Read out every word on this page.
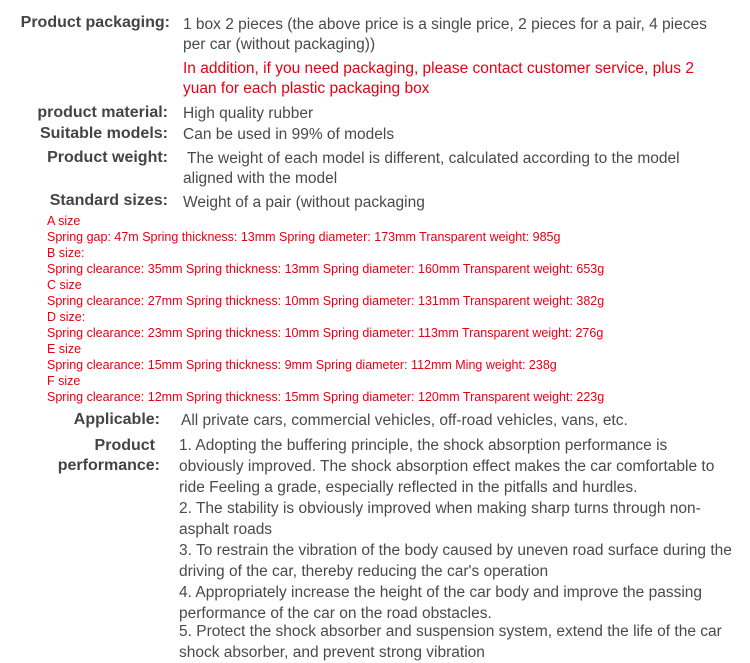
Product packaging: 1 box 2 pieces (the above price is a single price, 2 pieces for a pair, 4 pieces
per car (without packaging))
In addition, if you need packaging, please contact customer service, plus 2
yuan for each plastic packaging box
product material: High quality rubber
Suitable models: Can be used in 99% of models
Product weight: The weight of each model is different, calculated according to the model
aligned with the model
Standard sizes: Weight of a pair (without packaging
A size
Spring gap: 47m Spring thickness: 13mm Spring diameter: 173mm Transparent weight: 985g
B size:
Spring clearance: 35mm Spring thickness: 13mm Spring diameter: 160mm Transparent weight: 653g
C size
Spring clearance: 27mm Spring thickness: 10mm Spring diameter: 131mm Transparent weight: 382g
D size:
Spring clearance: 23mm Spring thickness: 10mm Spring diameter: 113mm Transparent weight: 276g
E size
Spring clearance: 15mm Spring thickness: 9mm Spring diameter: 112mm Ming weight: 238g
F size
Spring clearance: 12mm Spring thickness: 15mm Spring diameter: 120mm Transparent weight: 223g
Applicable: All private cars, commercial vehicles, off-road vehicles, vans, etc.
Product
performance:
1. Adopting the buffering principle, the shock absorption performance is obviously improved. The shock absorption effect makes the car comfortable to ride Feeling a grade, especially reflected in the pitfalls and hurdles.
2. The stability is obviously improved when making sharp turns through non-asphalt roads
3. To restrain the vibration of the body caused by uneven road surface during the driving of the car, thereby reducing the car's operation
4. Appropriately increase the height of the car body and improve the passing performance of the car on the road obstacles.
5. Protect the shock absorber and suspension system, extend the life of the car shock absorber, and prevent strong vibration
